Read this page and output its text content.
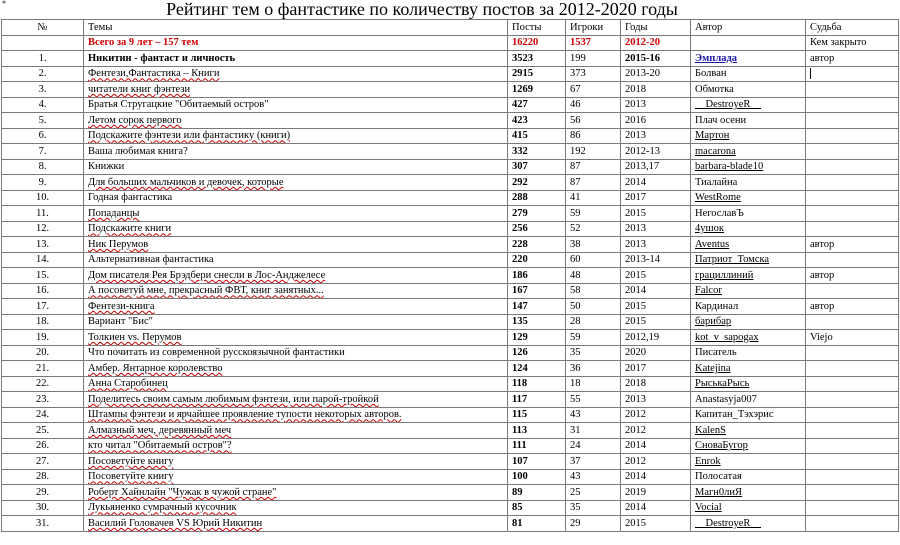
*	Рейтинг тем о фантастике по количеству постов за 2012-2020 годы
№	Темы	Посты	Игроки	Годы	Автор	Судьба
	Всего за 9 лет – 157 тем	16220	1537	2012-20		Кем закрыто
1.	Никитин - фантаст и личность	3523	199	2015-16	Эмплада	автор
2.	Фентези,Фантастика – Книги	2915	373	2013-20	Болван	
3.	читатели книг фэнтези	1269	67	2018	Обмотка	
4.	Братья Стругацкие "Обитаемый остров"	427	46	2013	__DestroyeR__	
5.	Летом сорок первого	423	56	2016	Плач осени	
6.	Подскажите фэнтези или фантастику (книги)	415	86	2013	Мартон	
7.	Ваша любимая книга?	332	192	2012-13	macarona	
8.	Книжки	307	87	2013,17	barbara-blade10	
9.	Для больших мальчиков и девочек, которые	292	87	2014	Тиалайна	
10.	Годная фантастика	288	41	2017	WestRome	
11.	Попаданцы	279	59	2015	НегославЪ	
12.	Подскажите книги	256	52	2013	4ушок	
13.	Ник Перумов	228	38	2013	Aventus	автор
14.	Альтернативная фантастика	220	60	2013-14	Патриот_Томска	
15.	Дом писателя Рея Брэдбери снесли в Лос-Анджелесе	186	48	2015	грациллиний	автор
16.	А посоветуй мне, прекрасный ФВТ, книг занятных...	167	58	2014	Falcor	
17.	Фентези-книга	147	50	2015	Кардинал	автор
18.	Вариант "Бис"	135	28	2015	барибар	
19.	Толкиен vs. Перумов	129	59	2012,19	kot_v_sapogax	Viejo
20.	Что почитать из современной русскоязычной фантастики	126	35	2020	Писатель	
21.	Амбер. Янтарное королевство	124	36	2017	Katejina	
22.	Анна Старобинец	118	18	2018	РыськаРысь	
23.	Поделитесь своим самым любимым фэнтези, или парой-тройкой	117	55	2013	Anastasyja007	
24.	Штампы фэнтези и ярчайшее проявление тупости некоторых авторов.	115	43	2012	Капитан_Тэхэрис	
25.	Алмазный меч, деревянный меч	113	31	2012	KalenS	
26.	кто читал "Обитаемый остров"?	111	24	2014	СноваБугор	
27.	Посоветуйте книгу	107	37	2012	Enrok	
28.	Посоветуйте книгу	100	43	2014	Полосатая	
29.	Роберт Хайнлайн "Чужак в чужой стране"	89	25	2019	Магн0лиЯ	
30.	Лукьяненко сумрачный кусочник	85	35	2014	Vocial	
31.	Василий Головачев VS Юрий Никитин	81	29	2015	__DestroyeR__	
